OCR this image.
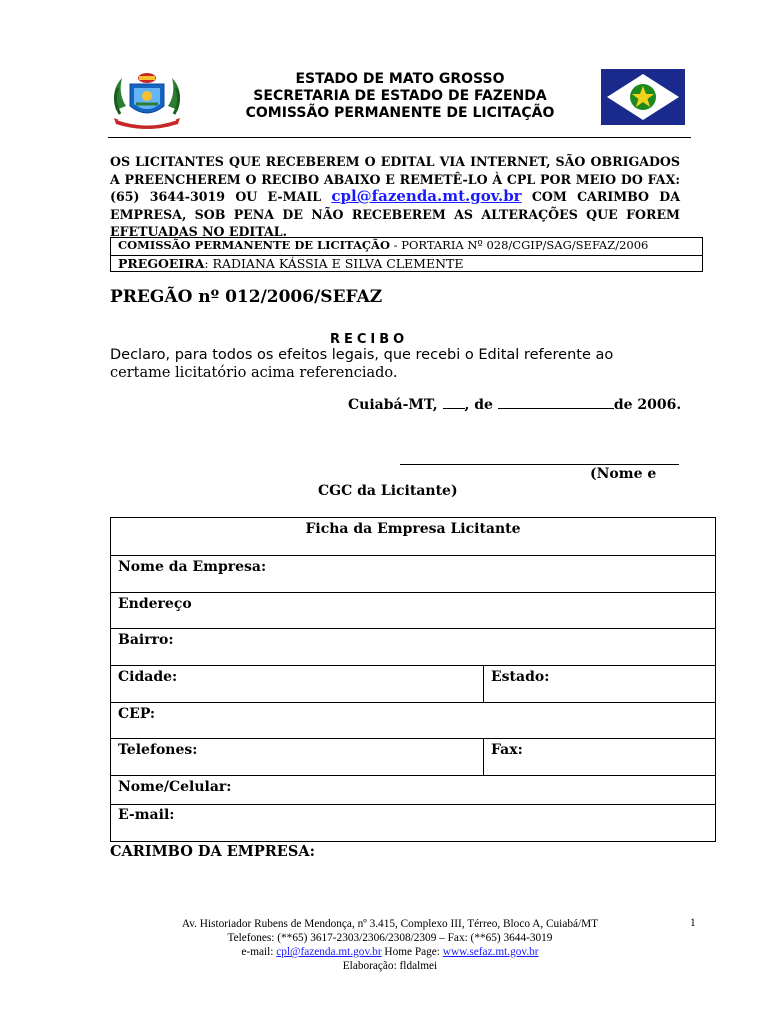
ESTADO DE MATO GROSSO
SECRETARIA DE ESTADO DE FAZENDA
COMISSÃO PERMANENTE DE LICITAÇÃO
OS LICITANTES QUE RECEBEREM O EDITAL VIA INTERNET, SÃO OBRIGADOS A PREENCHEREM O RECIBO ABAIXO E REMETÊ-LO À CPL POR MEIO DO FAX: (65) 3644-3019 OU E-MAIL cpl@fazenda.mt.gov.br COM CARIMBO DA EMPRESA, SOB PENA DE NÃO RECEBEREM AS ALTERAÇÕES QUE FOREM EFETUADAS NO EDITAL.
COMISSÃO PERMANENTE DE LICITAÇÃO - PORTARIA Nº 028/CGIP/SAG/SEFAZ/2006
PREGOEIRA: RADIANA KÁSSIA E SILVA CLEMENTE
PREGÃO nº 012/2006/SEFAZ
RECIBO
Declaro, para todos os efeitos legais, que recebi o Edital referente ao
certame licitatório acima referenciado.
Cuiabá-MT, , de	de 2006.
(Nome e
CGC da Licitante)
Ficha da Empresa Licitante
Nome da Empresa:
Endereço
Bairro:
Cidade:	Estado:
CEP:
Telefones:	Fax:
Nome/Celular:
E-mail:
CARIMBO DA EMPRESA:
Av. Historiador Rubens de Mendonça, nº 3.415, Complexo III, Térreo, Bloco A, Cuiabá/MT
Telefones: (**65) 3617-2303/2306/2308/2309 – Fax: (**65) 3644-3019
e-mail: cpl@fazenda.mt.gov.br Home Page: www.sefaz.mt.gov.br
Elaboração: fldalmei
1
